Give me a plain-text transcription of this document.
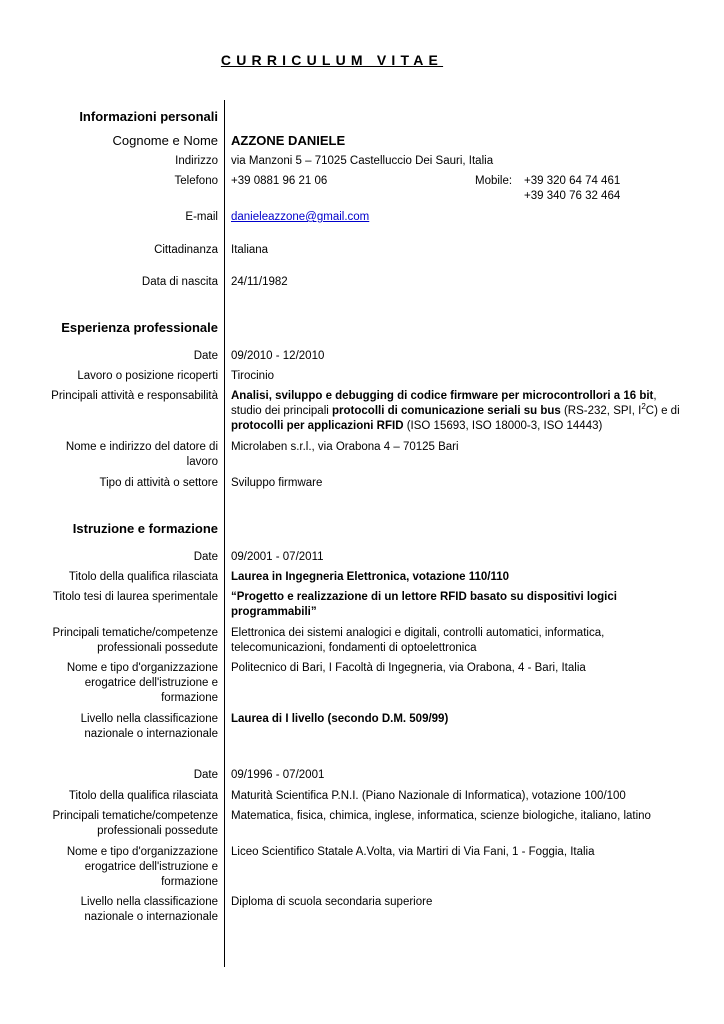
CURRICULUM VITAE
Informazioni personali
Cognome e Nome AZZONE DANIELE
Indirizzo via Manzoni 5 – 71025 Castelluccio Dei Sauri, Italia
Telefono +39 0881 96 21 06	Mobile: +39 320 64 74 461
+39 340 76 32 464
E-mail danieleazzone@gmail.com
Cittadinanza Italiana
Data di nascita 24/11/1982
Esperienza professionale
Date 09/2010 - 12/2010
Lavoro o posizione ricoperti Tirocinio
Principali attività e responsabilità Analisi, sviluppo e debugging di codice firmware per microcontrollori a 16 bit, studio dei principali protocolli di comunicazione seriali su bus (RS-232, SPI, $I^2C$) e di protocolli per applicazioni RFID (ISO 15693, ISO 18000-3, ISO 14443)
Nome e indirizzo del datore di lavoro
Microlaben s.r.l., via Orabona 4 – 70125 Bari
Tipo di attività o settore Sviluppo firmware
Istruzione e formazione
Date 09/2001 - 07/2011
Titolo della qualifica rilasciata Laurea in Ingegneria Elettronica, votazione 110/110
Titolo tesi di laurea sperimentale “Progetto e realizzazione di un lettore RFID basato su dispositivi logici programmabili”
Principali tematiche/competenze professionali possedute
Elettronica dei sistemi analogici e digitali, controlli automatici, informatica, telecomunicazioni, fondamenti di optoelettronica
Nome e tipo d'organizzazione erogatrice dell'istruzione e formazione
Politecnico di Bari, I Facoltà di Ingegneria, via Orabona, 4 - Bari, Italia
Livello nella classificazione nazionale o internazionale
Laurea di I livello (secondo D.M. 509/99)
Date 09/1996 - 07/2001
Titolo della qualifica rilasciata Maturità Scientifica P.N.I. (Piano Nazionale di Informatica), votazione 100/100
Principali tematiche/competenze professionali possedute
Matematica, fisica, chimica, inglese, informatica, scienze biologiche, italiano, latino
Nome e tipo d'organizzazione erogatrice dell'istruzione e formazione
Liceo Scientifico Statale A.Volta, via Martiri di Via Fani, 1 - Foggia, Italia
Livello nella classificazione nazionale o internazionale
Diploma di scuola secondaria superiore
